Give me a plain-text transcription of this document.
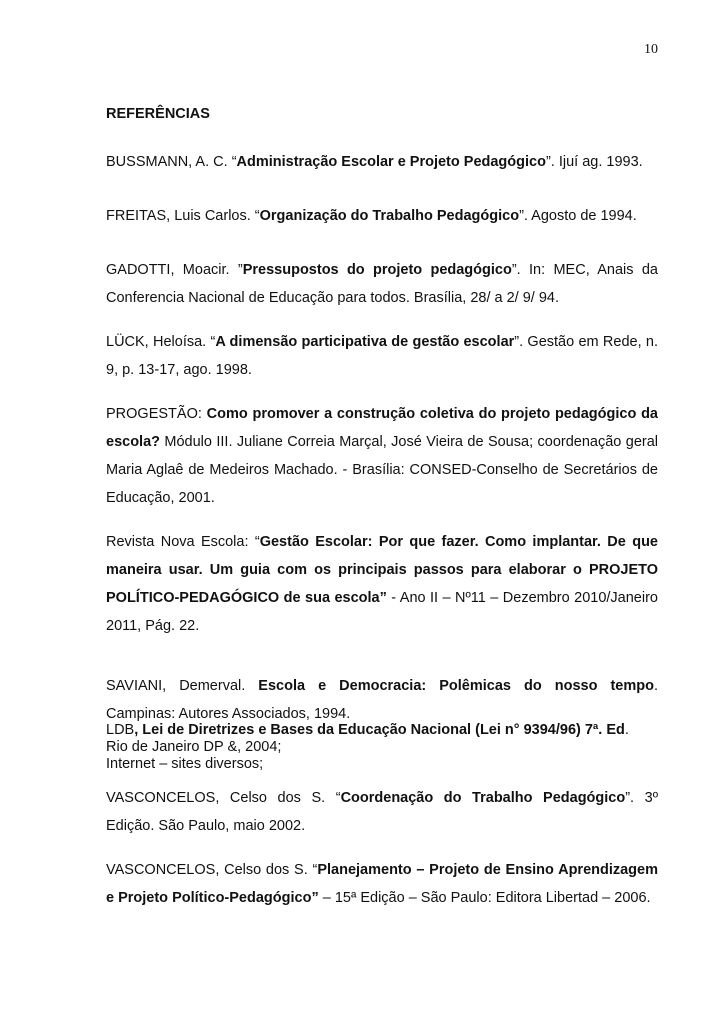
10
REFERÊNCIAS

BUSSMANN, A. C. “Administração Escolar e Projeto Pedagógico”. Ijuí ag. 1993.

FREITAS, Luis Carlos. “Organização do Trabalho Pedagógico”. Agosto de 1994.

GADOTTI, Moacir. ”Pressupostos do projeto pedagógico”. In: MEC, Anais da Conferencia Nacional de Educação para todos. Brasília, 28/ a 2/ 9/ 94.

LÜCK, Heloísa. “A dimensão participativa de gestão escolar”. Gestão em Rede, n. 9, p. 13-17, ago. 1998.

PROGESTÃO: Como promover a construção coletiva do projeto pedagógico da escola? Módulo III. Juliane Correia Marçal, José Vieira de Sousa; coordenação geral Maria Aglaê de Medeiros Machado. - Brasília: CONSED-Conselho de Secretários de Educação, 2001.

Revista Nova Escola: “Gestão Escolar: Por que fazer. Como implantar. De que maneira usar. Um guia com os principais passos para elaborar o PROJETO POLÍTICO-PEDAGÓGICO de sua escola” - Ano II – Nº11 – Dezembro 2010/Janeiro 2011, Pág. 22.

SAVIANI, Demerval. Escola e Democracia: Polêmicas do nosso tempo. Campinas: Autores Associados, 1994.

LDB, Lei de Diretrizes e Bases da Educação Nacional (Lei n° 9394/96) 7ª. Ed.
Rio de Janeiro DP &, 2004;
Internet – sites diversos;

VASCONCELOS, Celso dos S. “Coordenação do Trabalho Pedagógico”. 3º Edição. São Paulo, maio 2002.

VASCONCELOS, Celso dos S. “Planejamento – Projeto de Ensino Aprendizagem e Projeto Político-Pedagógico” – 15ª Edição – São Paulo: Editora Libertad – 2006.
